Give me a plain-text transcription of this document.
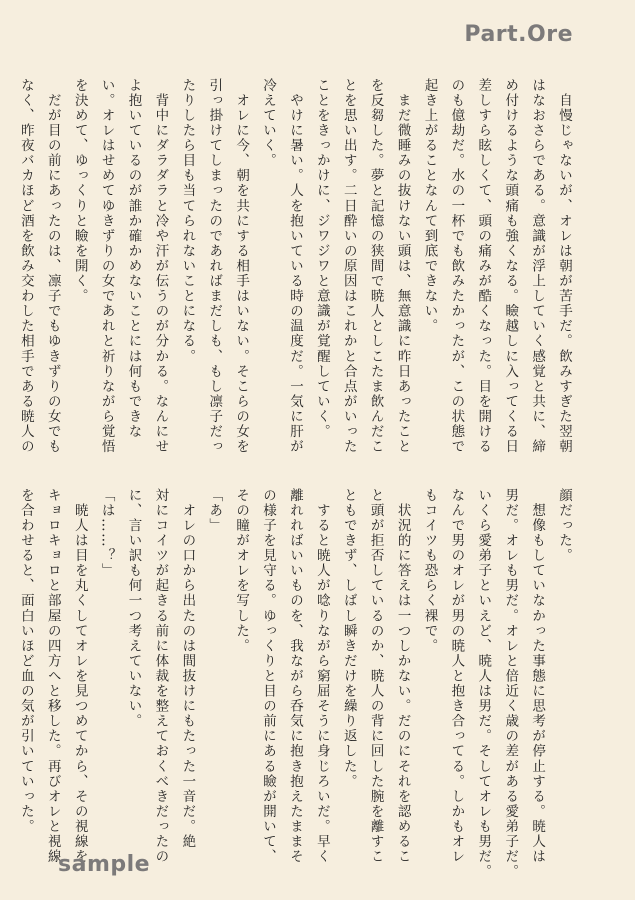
Part.Ore

　自慢じゃないが、オレは朝が苦手だ。飲みすぎた翌朝

はなおさらである。意識が浮上していく感覚と共に、締

め付けるような頭痛も強くなる。瞼越しに入ってくる日

差しすら眩しくて、頭の痛みが酷くなった。目を開ける

のも億劫だ。水の一杯でも飲みたかったが、この状態で

起き上がることなんて到底できない。

　まだ微睡みの抜けない頭は、無意識に昨日あったこと

を反芻した。夢と記憶の狭間で暁人としこたま飲んだこ

とを思い出す。二日酔いの原因はこれかと合点がいった

ことをきっかけに、ジワジワと意識が覚醒していく。

　やけに暑い。人を抱いている時の温度だ。一気に肝が

冷えていく。

　オレに今、朝を共にする相手はいない。そこらの女を

引っ掛けてしまったのであればまだしも、もし凛子だっ

たりしたら目も当てられないことになる。

　背中にダラダラと冷や汗が伝うのが分かる。なんにせ

よ抱いているのが誰か確かめないことには何もできな

い。オレはせめてゆきずりの女であれと祈りながら覚悟

を決めて、ゆっくりと瞼を開く。

　だが目の前にあったのは、凛子でもゆきずりの女でも

なく、昨夜バカほど酒を飲み交わした相手である暁人の

顔だった。

　想像もしていなかった事態に思考が停止する。暁人は

男だ。オレも男だ。オレと倍近く歳の差がある愛弟子だ。

いくら愛弟子といえど、暁人は男だ。そしてオレも男だ。

なんで男のオレが男の暁人と抱き合ってる。しかもオレ

もコイツも恐らく裸で。

　状況的に答えは一つしかない。だのにそれを認めるこ

と頭が拒否しているのか、暁人の背に回した腕を離すこ

ともできず、しばし瞬きだけを繰り返した。

　すると暁人が唸りながら窮屈そうに身じろいだ。早く

離れればいいものを、我ながら呑気に抱き抱えたままそ

の様子を見守る。ゆっくりと目の前にある瞼が開いて、

その瞳がオレを写した。

「あ」

　オレの口から出たのは間抜けにもたった一音だ。絶

対にコイツが起きる前に体裁を整えておくべきだったの

に、言い訳も何一つ考えていない。

「は……？」

　暁人は目を丸くしてオレを見つめてから、その視線を

キョロキョロと部屋の四方へと移した。再びオレと視線

を合わせると、面白いほど血の気が引いていった。

sample
